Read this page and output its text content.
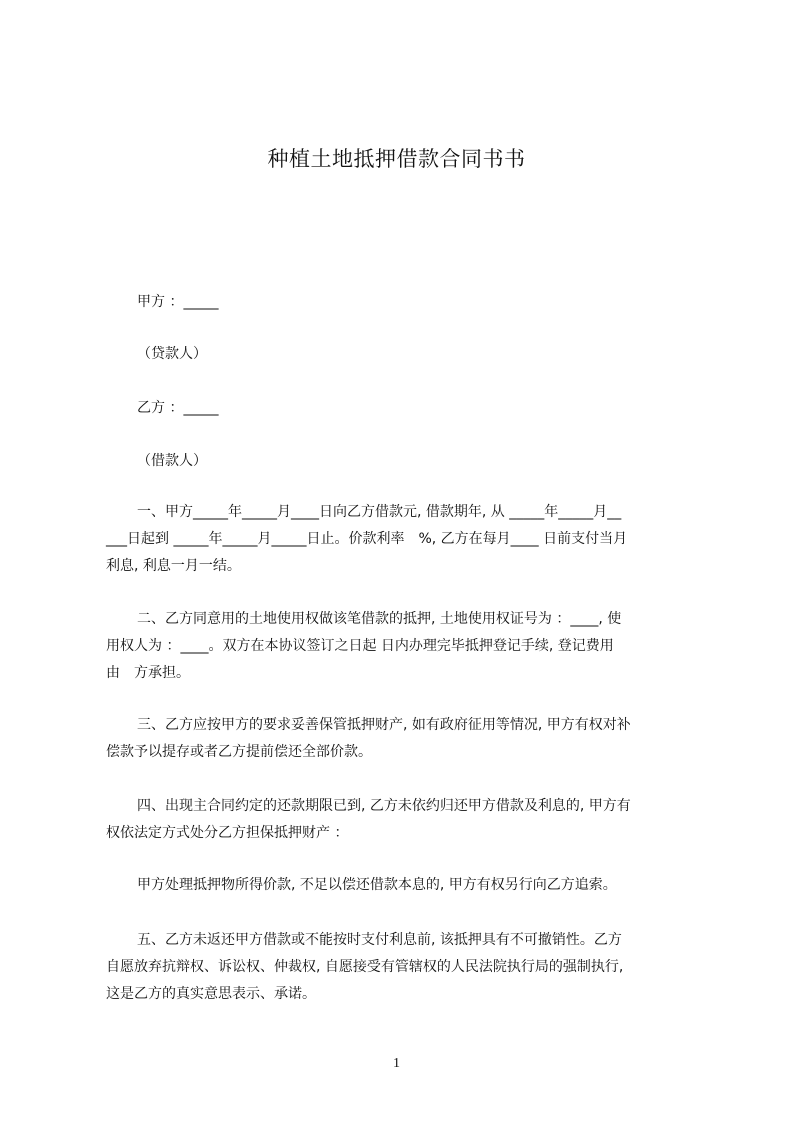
种植土地抵押借款合同书书
甲方 ：_____
（贷款人）
乙方 ：_____
（借款人）

一、甲方_____年_____月____日向乙方借款元, 借款期年, 从 _____年_____月__
___日起到 _____年_____月_____日止。价款利率　%, 乙方在每月____ 日前支付当月
利息, 利息一月一结。

二、乙方同意用的土地使用权做该笔借款的抵押, 土地使用权证号为 ：____, 使
用权人为 ：____。双方在本协议签订之日起 日内办理完毕抵押登记手续, 登记费用
由　方承担。

三、乙方应按甲方的要求妥善保管抵押财产, 如有政府征用等情况, 甲方有权对补
偿款予以提存或者乙方提前偿还全部价款。

四、出现主合同约定的还款期限已到, 乙方未依约归还甲方借款及利息的, 甲方有
权依法定方式处分乙方担保抵押财产 ：

甲方处理抵押物所得价款, 不足以偿还借款本息的, 甲方有权另行向乙方追索。

五、乙方未返还甲方借款或不能按时支付利息前, 该抵押具有不可撤销性。乙方
自愿放弃抗辩权、诉讼权、仲裁权, 自愿接受有管辖权的人民法院执行局的强制执行,
这是乙方的真实意思表示、承诺。

1
